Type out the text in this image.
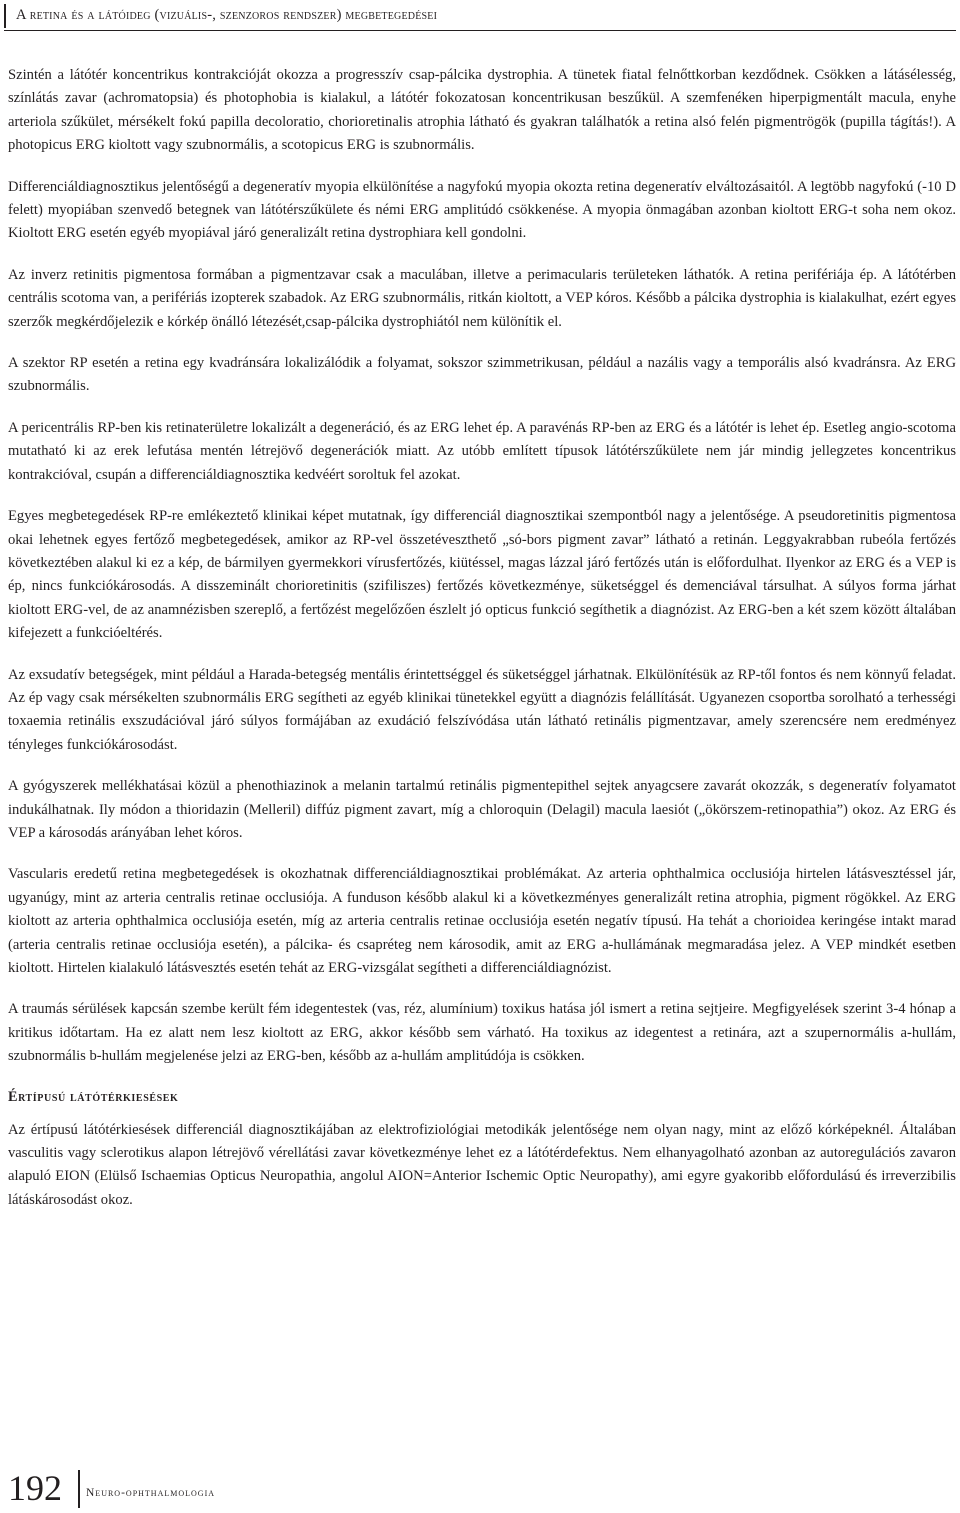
A retina és a látóideg (vizuális-, szenzoros rendszer) megbetegedései

Szintén a látótér koncentrikus kontrakcióját okozza a progresszív csap-pálcika dystrophia. A tünetek fiatal felnőttkorban kezdődnek. Csökken a látásélesség, színlátás zavar (achromatopsia) és photophobia is kialakul, a látótér fokozatosan koncentrikusan beszűkül. A szemfenéken hiperpigmentált macula, enyhe arteriola szűkület, mérsékelt fokú papilla decoloratio, chorioretinalis atrophia látható és gyakran találhatók a retina alsó felén pigmentrögök (pupilla tágítás!). A photopicus ERG kioltott vagy szubnormális, a scotopicus ERG is szubnormális.

Differenciáldiagnosztikus jelentőségű a degeneratív myopia elkülönítése a nagyfokú myopia okozta retina degeneratív elváltozásaitól. A legtöbb nagyfokú (-10 D felett) myopiában szenvedő betegnek van látótérszűkülete és némi ERG amplitúdó csökkenése. A myopia önmagában azonban kioltott ERG-t soha nem okoz. Kioltott ERG esetén egyéb myopiával járó generalizált retina dystrophiara kell gondolni.

Az inverz retinitis pigmentosa formában a pigmentzavar csak a maculában, illetve a perimacularis területeken láthatók. A retina perifériája ép. A látótérben centrális scotoma van, a perifériás izopterek szabadok. Az ERG szubnormális, ritkán kioltott, a VEP kóros. Később a pálcika dystrophia is kialakulhat, ezért egyes szerzők megkérdőjelezik e kórkép önálló létezését,csap-pálcika dystrophiától nem különítik el.

A szektor RP esetén a retina egy kvadránsára lokalizálódik a folyamat, sokszor szimmetrikusan, például a nazális vagy a temporális alsó kvadránsra. Az ERG szubnormális.

A pericentrális RP-ben kis retinaterületre lokalizált a degeneráció, és az ERG lehet ép. A paravénás RP-ben az ERG és a látótér is lehet ép. Esetleg angio-scotoma mutatható ki az erek lefutása mentén létrejövő degenerációk miatt. Az utóbb említett típusok látótérszűkülete nem jár mindig jellegzetes koncentrikus kontrakcióval, csupán a differenciáldiagnosztika kedvéért soroltuk fel azokat.

Egyes megbetegedések RP-re emlékeztető klinikai képet mutatnak, így differenciál diagnosztikai szempontból nagy a jelentősége. A pseudoretinitis pigmentosa okai lehetnek egyes fertőző megbetegedések, amikor az RP-vel összetéveszthető „só-bors pigment zavar” látható a retinán. Leggyakrabban rubeóla fertőzés következtében alakul ki ez a kép, de bármilyen gyermekkori vírusfertőzés, kiütéssel, magas lázzal járó fertőzés után is előfordulhat. Ilyenkor az ERG és a VEP is ép, nincs funkciókárosodás. A disszeminált chorioretinitis (szifiliszes) fertőzés következménye, süketséggel és demenciával társulhat. A súlyos forma járhat kioltott ERG-vel, de az anamnézisben szereplő, a fertőzést megelőzően észlelt jó opticus funkció segíthetik a diagnózist. Az ERG-ben a két szem között általában kifejezett a funkcióeltérés.

Az exsudatív betegségek, mint például a Harada-betegség mentális érintettséggel és süketséggel járhatnak. Elkülönítésük az RP-től fontos és nem könnyű feladat. Az ép vagy csak mérsékelten szubnormális ERG segítheti az egyéb klinikai tünetekkel együtt a diagnózis felállítását. Ugyanezen csoportba sorolható a terhességi toxaemia retinális exszudációval járó súlyos formájában az exudáció felszívódása után látható retinális pigmentzavar, amely szerencsére nem eredményez tényleges funkciókárosodást.

A gyógyszerek mellékhatásai közül a phenothiazinok a melanin tartalmú retinális pigmentepithel sejtek anyagcsere zavarát okozzák, s degeneratív folyamatot indukálhatnak. Ily módon a thioridazin (Melleril) diffúz pigment zavart, míg a chloroquin (Delagil) macula laesiót („ökörszem-retinopathia”) okoz. Az ERG és VEP a károsodás arányában lehet kóros.

Vascularis eredetű retina megbetegedések is okozhatnak differenciáldiagnosztikai problémákat. Az arteria ophthalmica occlusiója hirtelen látásvesztéssel jár, ugyanúgy, mint az arteria centralis retinae occlusiója. A funduson később alakul ki a következményes generalizált retina atrophia, pigment rögökkel. Az ERG kioltott az arteria ophthalmica occlusiója esetén, míg az arteria centralis retinae occlusiója esetén negatív típusú. Ha tehát a chorioidea keringése intakt marad (arteria centralis retinae occlusiója esetén), a pálcika- és csapréteg nem károsodik, amit az ERG a-hullámának megmaradása jelez. A VEP mindkét esetben kioltott. Hirtelen kialakuló látásvesztés esetén tehát az ERG-vizsgálat segítheti a differenciáldiagnózist.

A traumás sérülések kapcsán szembe került fém idegentestek (vas, réz, alumínium) toxikus hatása jól ismert a retina sejtjeire. Megfigyelések szerint 3-4 hónap a kritikus időtartam. Ha ez alatt nem lesz kioltott az ERG, akkor később sem várható. Ha toxikus az idegentest a retinára, azt a szupernormális a-hullám, szubnormális b-hullám megjelenése jelzi az ERG-ben, később az a-hullám amplitúdója is csökken.

Értípusú látótérkiesések

Az értípusú látótérkiesések differenciál diagnosztikájában az elektrofiziológiai metodikák jelentősége nem olyan nagy, mint az előző kórképeknél. Általában vasculitis vagy sclerotikus alapon létrejövő vérellátási zavar következménye lehet ez a látótérdefektus. Nem elhanyagolható azonban az autoregulációs zavaron alapuló EION (Elülső Ischaemias Opticus Neuropathia, angolul AION=Anterior Ischemic Optic Neuropathy), ami egyre gyakoribb előfordulású és irreverzibilis látáskárosodást okoz.

192 Neuro-ophthalmologia
